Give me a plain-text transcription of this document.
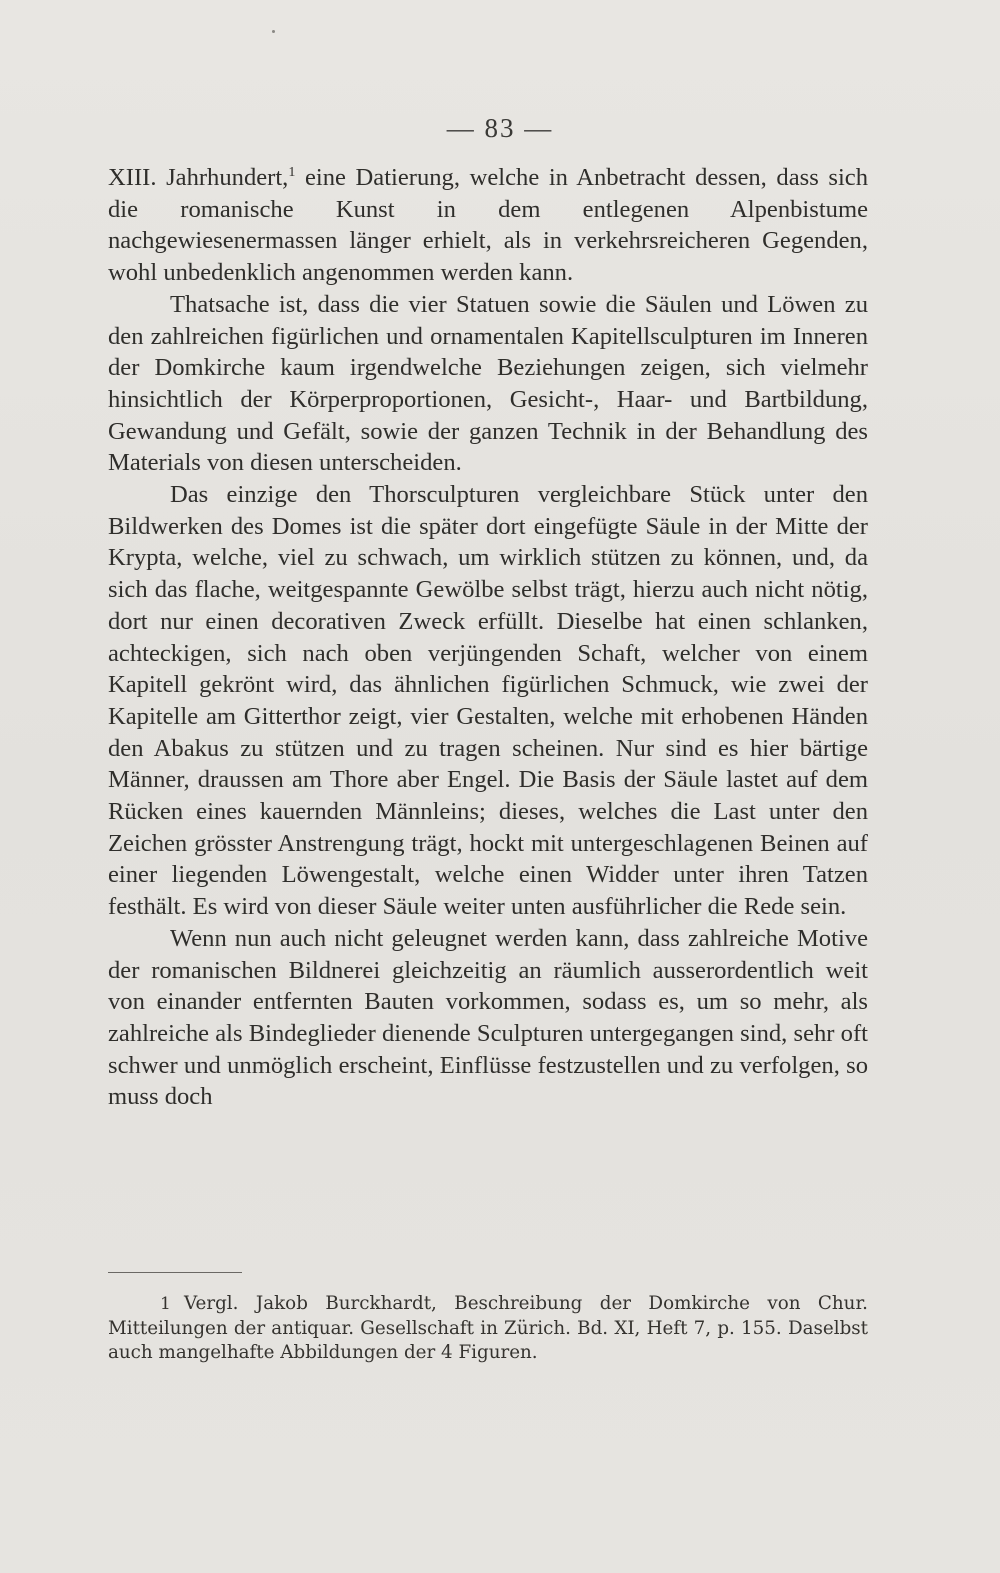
— 83 —

XIII. Jahrhundert,$^1$ eine Datierung, welche in Anbetracht dessen, dass sich die romanische Kunst in dem entlegenen Alpenbistume nachgewiesenermassen länger erhielt, als in verkehrsreicheren Gegenden, wohl unbedenklich angenommen werden kann.

Thatsache ist, dass die vier Statuen sowie die Säulen und Löwen zu den zahlreichen figürlichen und ornamentalen Kapitellsculpturen im Inneren der Domkirche kaum irgendwelche Beziehungen zeigen, sich vielmehr hinsichtlich der Körperproportionen, Gesicht-, Haar- und Bartbildung, Gewandung und Gefält, sowie der ganzen Technik in der Behandlung des Materials von diesen unterscheiden.

Das einzige den Thorsculpturen vergleichbare Stück unter den Bildwerken des Domes ist die später dort eingefügte Säule in der Mitte der Krypta, welche, viel zu schwach, um wirklich stützen zu können, und, da sich das flache, weitgespannte Gewölbe selbst trägt, hierzu auch nicht nötig, dort nur einen decorativen Zweck erfüllt. Dieselbe hat einen schlanken, achteckigen, sich nach oben verjüngenden Schaft, welcher von einem Kapitell gekrönt wird, das ähnlichen figürlichen Schmuck, wie zwei der Kapitelle am Gitterthor zeigt, vier Gestalten, welche mit erhobenen Händen den Abakus zu stützen und zu tragen scheinen. Nur sind es hier bärtige Männer, draussen am Thore aber Engel. Die Basis der Säule lastet auf dem Rücken eines kauernden Männleins; dieses, welches die Last unter den Zeichen grösster Anstrengung trägt, hockt mit untergeschlagenen Beinen auf einer liegenden Löwengestalt, welche einen Widder unter ihren Tatzen festhält. Es wird von dieser Säule weiter unten ausführlicher die Rede sein.

Wenn nun auch nicht geleugnet werden kann, dass zahlreiche Motive der romanischen Bildnerei gleichzeitig an räumlich ausserordentlich weit von einander entfernten Bauten vorkommen, sodass es, um so mehr, als zahlreiche als Bindeglieder dienende Sculpturen untergegangen sind, sehr oft schwer und unmöglich erscheint, Einflüsse festzustellen und zu verfolgen, so muss doch

1 Vergl. Jakob Burckhardt, Beschreibung der Domkirche von Chur. Mitteilungen der antiquar. Gesellschaft in Zürich. Bd. XI, Heft 7, p. 155. Daselbst auch mangelhafte Abbildungen der 4 Figuren.
